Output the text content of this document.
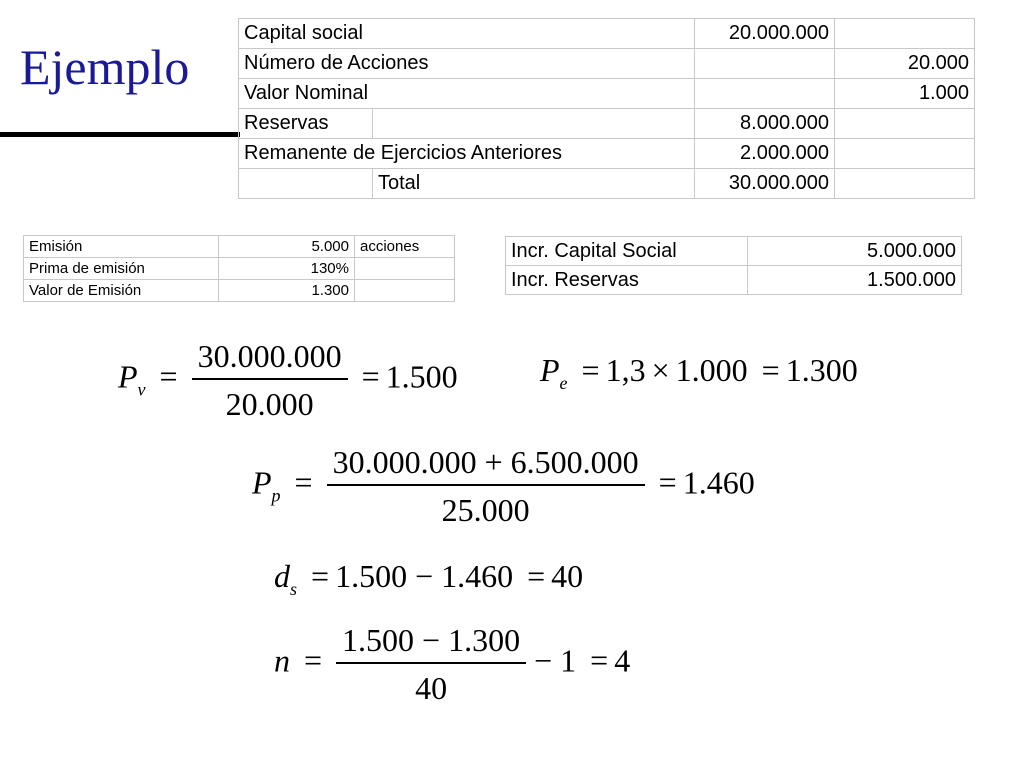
Ejemplo
Capital social		20.000.000	
Número de Acciones			20.000
Valor Nominal			1.000
Reservas		8.000.000	
Remanente de Ejercicios Anteriores		2.000.000	
	Total	30.000.000	
Emisión	5.000	acciones
Prima de emisión	130%	
Valor de Emisión	1.300	
Incr. Capital Social	5.000.000
Incr. Reservas	1.500.000
$P_v = \frac{30.000.000}{20.000} = 1.500$	$P_e = 1,3 \times 1.000 = 1.300$
$P_p = \frac{30.000.000 + 6.500.000}{25.000} = 1.460$
$d_s = 1.500 - 1.460 = 40$
$n = \frac{1.500 - 1.300}{40} - 1 = 4$
